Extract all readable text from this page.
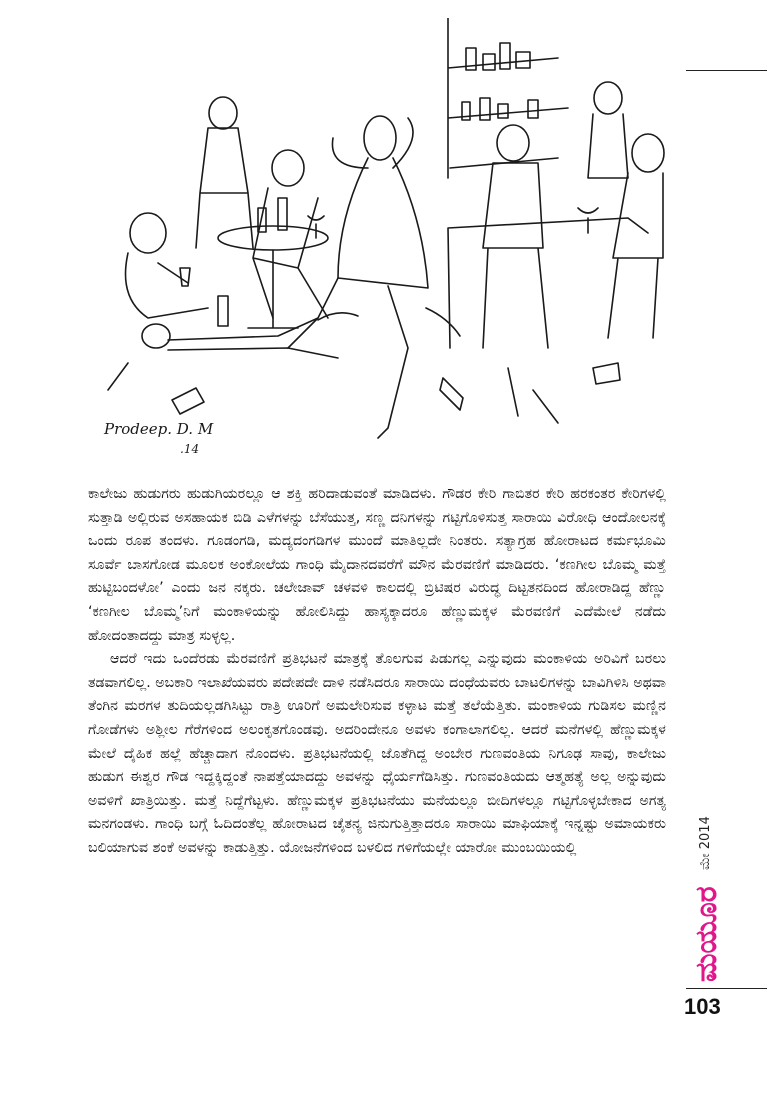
Prodeep. D. M
.14

ಕಾಲೇಜು ಹುಡುಗರು ಹುಡುಗಿಯರಲ್ಲೂ ಆ ಶಕ್ತಿ ಹರಿದಾಡುವಂತೆ ಮಾಡಿದಳು. ಗೌಡರ ಕೇರಿ ಗಾಬಿತರ ಕೇರಿ ಹರಕಂತರ ಕೇರಿಗಳಲ್ಲಿ ಸುತ್ತಾಡಿ ಅಲ್ಲಿರುವ ಅಸಹಾಯಕ ಬಿಡಿ ಎಳೆಗಳನ್ನು ಬೆಸೆಯುತ್ತ, ಸಣ್ಣ ದನಿಗಳನ್ನು ಗಟ್ಟಿಗೊಳಿಸುತ್ತ ಸಾರಾಯಿ ವಿರೋಧಿ ಆಂದೋಲನಕ್ಕೆ ಒಂದು ರೂಪ ತಂದಳು. ಗೂಡಂಗಡಿ, ಮದ್ಯದಂಗಡಿಗಳ ಮುಂದೆ ಮಾತಿಲ್ಲದೇ ನಿಂತರು. ಸತ್ಯಾಗ್ರಹ ಹೋರಾಟದ ಕರ್ಮಭೂಮಿ ಸೂರ್ವೆ ಬಾಸಗೋಡ ಮೂಲಕ ಅಂಕೋಲೆಯ ಗಾಂಧಿ ಮೈದಾನದವರೆಗೆ ಮೌನ ಮೆರವಣಿಗೆ ಮಾಡಿದರು. ‘ಕಣಗೀಲ ಬೊಮ್ಮ ಮತ್ತೆ ಹುಟ್ಟಿಬಂದಳೋ’ ಎಂದು ಜನ ನಕ್ಕರು. ಚಲೇಜಾವ್ ಚಳವಳಿ ಕಾಲದಲ್ಲಿ ಬ್ರಿಟಿಷರ ವಿರುದ್ಧ ದಿಟ್ಟತನದಿಂದ ಹೋರಾಡಿದ್ದ ಹೆಣ್ಣು ‘ಕಣಗೀಲ ಬೊಮ್ಮ’ನಿಗೆ ಮಂಕಾಳಿಯನ್ನು ಹೋಲಿಸಿದ್ದು ಹಾಸ್ಯಕ್ಕಾದರೂ ಹೆಣ್ಣುಮಕ್ಕಳ ಮೆರವಣಿಗೆ ಎದೆಮೇಲೆ ನಡೆದು ಹೋದಂತಾದದ್ದು ಮಾತ್ರ ಸುಳ್ಳಲ್ಲ.

ಆದರೆ ಇದು ಒಂದೆರಡು ಮೆರವಣಿಗೆ ಪ್ರತಿಭಟನೆ ಮಾತ್ರಕ್ಕೆ ತೊಲಗುವ ಪಿಡುಗಲ್ಲ ಎನ್ನುವುದು ಮಂಕಾಳಿಯ ಅರಿವಿಗೆ ಬರಲು ತಡವಾಗಲಿಲ್ಲ. ಅಬಕಾರಿ ಇಲಾಖೆಯವರು ಪದೇಪದೇ ದಾಳಿ ನಡೆಸಿದರೂ ಸಾರಾಯಿ ದಂಧೆಯವರು ಬಾಟಲಿಗಳನ್ನು ಬಾವಿಗಿಳಿಸಿ ಅಥವಾ ತೆಂಗಿನ ಮರಗಳ ತುದಿಯಲ್ಲಡಗಿಸಿಟ್ಟು ರಾತ್ರಿ ಊರಿಗೆ ಅಮಲೇರಿಸುವ ಕಳ್ಳಾಟ ಮತ್ತೆ ತಲೆಯೆತ್ತಿತು. ಮಂಕಾಳಿಯ ಗುಡಿಸಲ ಮಣ್ಣಿನ ಗೋಡೆಗಳು ಅಶ್ಲೀಲ ಗೆರೆಗಳಿಂದ ಅಲಂಕೃತಗೊಂಡವು. ಅದರಿಂದೇನೂ ಅವಳು ಕಂಗಾಲಾಗಲಿಲ್ಲ. ಆದರೆ ಮನೆಗಳಲ್ಲಿ ಹೆಣ್ಣುಮಕ್ಕಳ ಮೇಲೆ ದೈಹಿಕ ಹಲ್ಲೆ ಹೆಚ್ಚಾದಾಗ ನೊಂದಳು. ಪ್ರತಿಭಟನೆಯಲ್ಲಿ ಜೊತೆಗಿದ್ದ ಅಂಬೇರ ಗುಣವಂತಿಯ ನಿಗೂಢ ಸಾವು, ಕಾಲೇಜು ಹುಡುಗ ಈಶ್ವರ ಗೌಡ ಇದ್ದಕ್ಕಿದ್ದಂತೆ ನಾಪತ್ತೆಯಾದದ್ದು ಅವಳನ್ನು ಧೈರ್ಯಗೆಡಿಸಿತ್ತು. ಗುಣವಂತಿಯದು ಆತ್ಮಹತ್ಯೆ ಅಲ್ಲ ಅನ್ನುವುದು ಅವಳಿಗೆ ಖಾತ್ರಿಯಿತ್ತು. ಮತ್ತೆ ನಿದ್ದೆಗೆಟ್ಟಳು. ಹೆಣ್ಣುಮಕ್ಕಳ ಪ್ರತಿಭಟನೆಯು ಮನೆಯಲ್ಲೂ ಬೀದಿಗಳಲ್ಲೂ ಗಟ್ಟಿಗೊಳ್ಳಬೇಕಾದ ಅಗತ್ಯ ಮನಗಂಡಳು. ಗಾಂಧಿ ಬಗ್ಗೆ ಓದಿದಂತೆಲ್ಲ ಹೋರಾಟದ ಚೈತನ್ಯ ಜಿನುಗುತ್ತಿತ್ತಾದರೂ ಸಾರಾಯಿ ಮಾಫಿಯಾಕ್ಕೆ ಇನ್ನಷ್ಟು ಅಮಾಯಕರು ಬಲಿಯಾಗುವ ಶಂಕೆ ಅವಳನ್ನು ಕಾಡುತ್ತಿತ್ತು. ಯೋಜನೆಗಳಿಂದ ಬಳಲಿದ ಗಳಿಗೆಯಲ್ಲೇ ಯಾರೋ ಮುಂಬಯಿಯಲ್ಲಿ	ಮೇ 2014
ಮಯೂರ
103
